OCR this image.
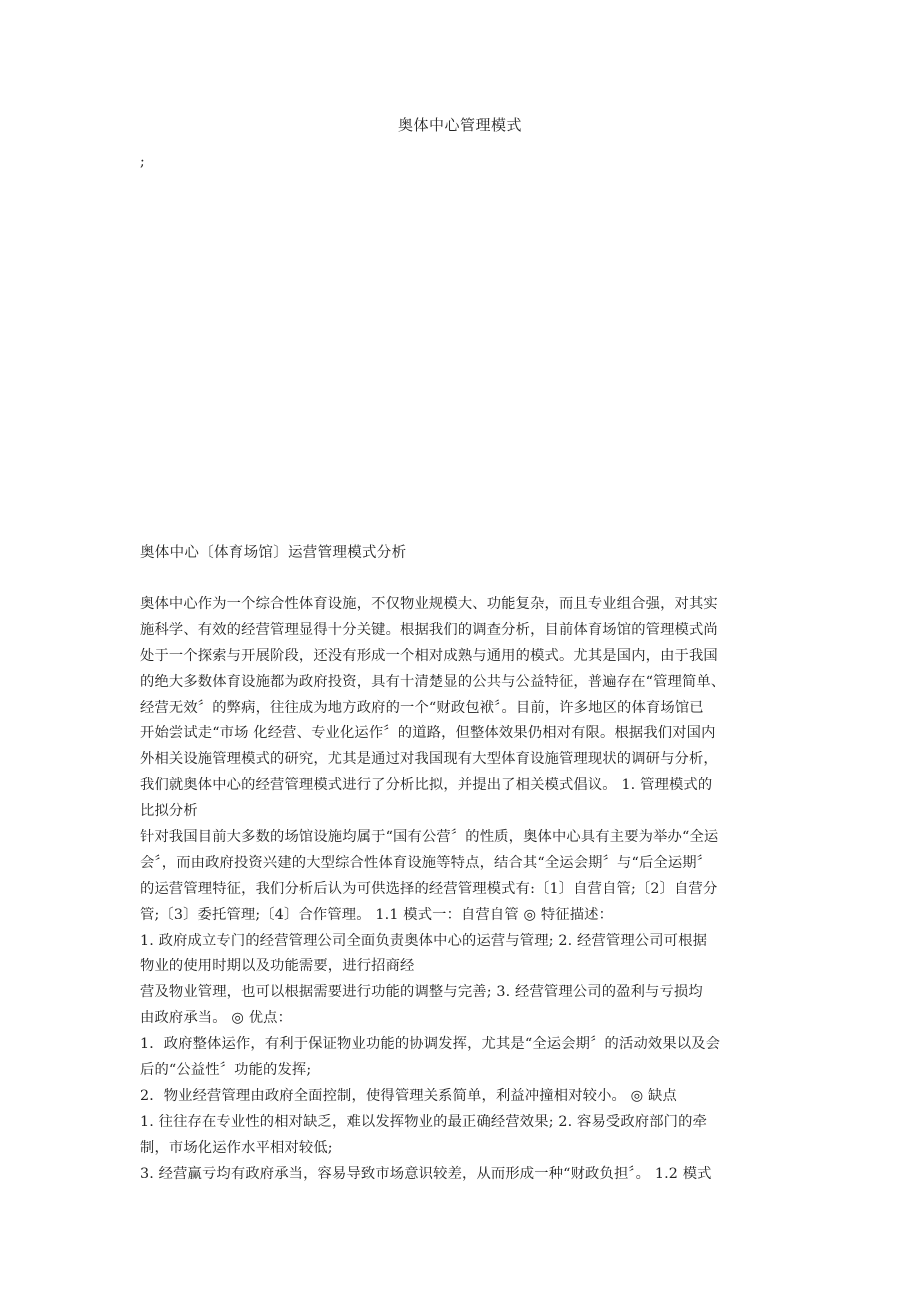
奥体中心管理模式
;
奥体中心〔体育场馆〕运营管理模式分析
奥体中心作为一个综合性体育设施，不仅物业规模大、功能复杂，而且专业组合强，对其实
施科学、有效的经营管理显得十分关键。根据我们的调查分析，目前体育场馆的管理模式尚
处于一个探索与开展阶段，还没有形成一个相对成熟与通用的模式。尤其是国内，由于我国
的绝大多数体育设施都为政府投资，具有十清楚显的公共与公益特征，普遍存在“管理简单、
经营无效〞的弊病，往往成为地方政府的一个“财政包袱〞。目前，许多地区的体育场馆已
开始尝试走“市场 化经营、专业化运作〞的道路，但整体效果仍相对有限。根据我们对国内
外相关设施管理模式的研究，尤其是通过对我国现有大型体育设施管理现状的调研与分析，
我们就奥体中心的经营管理模式进行了分析比拟，并提出了相关模式倡议。 1. 管理模式的
比拟分析
针对我国目前大多数的场馆设施均属于“国有公营〞的性质，奥体中心具有主要为举办“全运
会〞，而由政府投资兴建的大型综合性体育设施等特点，结合其“全运会期〞与“后全运期〞
的运营管理特征，我们分析后认为可供选择的经营管理模式有:〔1〕自营自管;〔2〕自营分
管;〔3〕委托管理;〔4〕合作管理。 1.1 模式一：自营自管 ◎ 特征描述：
1. 政府成立专门的经营管理公司全面负责奥体中心的运营与管理; 2. 经营管理公司可根据
物业的使用时期以及功能需要，进行招商经
营及物业管理，也可以根据需要进行功能的调整与完善; 3. 经营管理公司的盈利与亏损均
由政府承当。 ◎ 优点：
1．政府整体运作，有利于保证物业功能的协调发挥，尤其是“全运会期〞的活动效果以及会
后的“公益性〞功能的发挥;
2．物业经营管理由政府全面控制，使得管理关系简单，利益冲撞相对较小。 ◎ 缺点
1. 往往存在专业性的相对缺乏，难以发挥物业的最正确经营效果; 2. 容易受政府部门的牵
制，市场化运作水平相对较低;
3. 经营赢亏均有政府承当，容易导致市场意识较差，从而形成一种“财政负担〞。 1.2 模式
